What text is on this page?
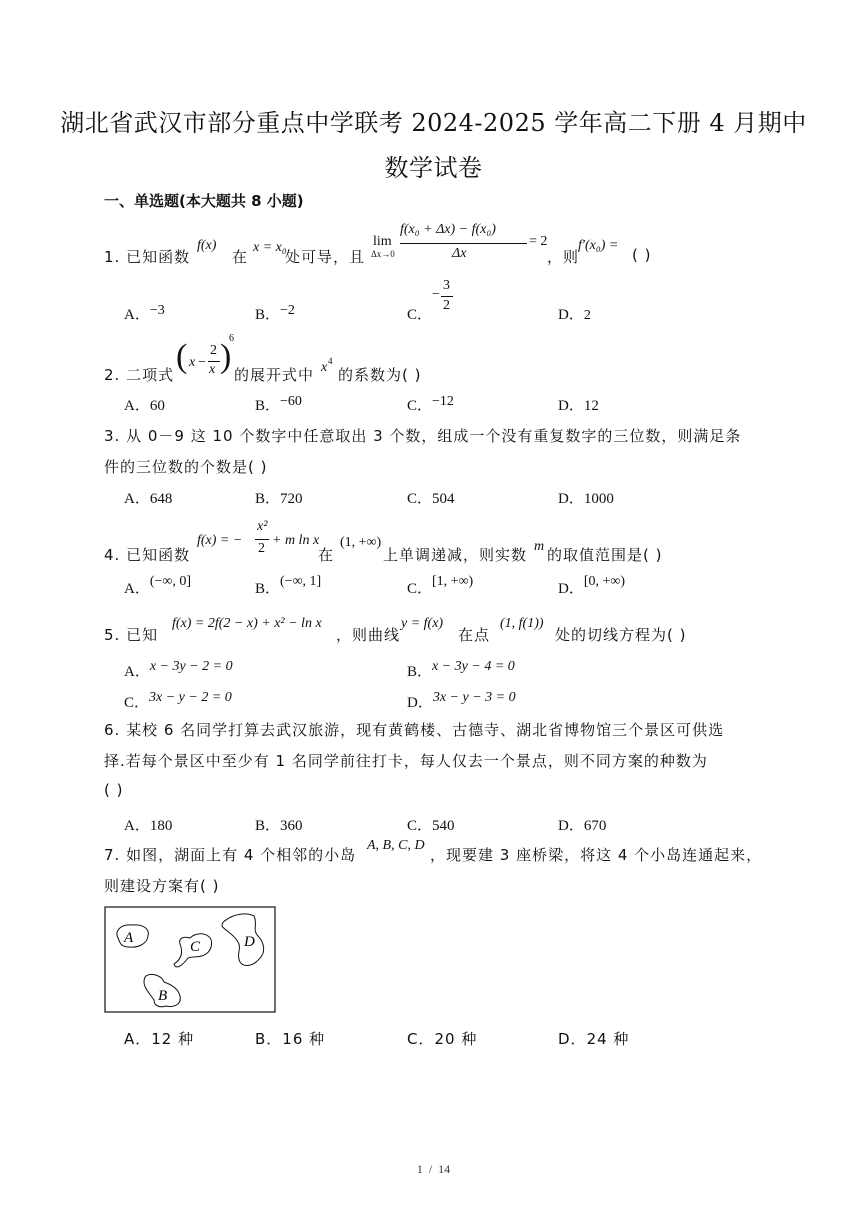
湖北省武汉市部分重点中学联考 2024-2025 学年高二下册 4 月期中
数学试卷
一、单选题(本大题共 8 小题)
1. 已知函数
f(x)
在
x = x₀
处可导，且
lim
Δx→0
f(x₀ + Δx) − f(x₀)
Δx
= 2
，则
f′(x₀) =
( )
A．−3	B．−2	C．
−
3
2
D．2
2. 二项式 ( x −
2
x )
6
的展开式中 x 4
的系数为( )
A．60	B．−60	C．−12	D．12
3. 从 0－9 这 10 个数字中任意取出 3 个数，组成一个没有重复数字的三位数，则满足条
件的三位数的个数是( )
A．648	B．720	C．504	D．1000
4. 已知函数
f(x) = −
x²
2
+ m ln x
在
(1, +∞)
上单调递减，则实数 m 的取值范围是( )
A．(−∞, 0]	B．(−∞, 1]	C．[1, +∞)	D．[0, +∞)
5. 已知
f(x) = 2f(2 − x) + x² − ln x
，则曲线
y = f(x)
在点
(1, f(1))
处的切线方程为( )
A．x − 3y − 2 = 0	B．x − 3y − 4 = 0
C．3x − y − 2 = 0	D．3x − y − 3 = 0
6. 某校 6 名同学打算去武汉旅游，现有黄鹤楼、古德寺、湖北省博物馆三个景区可供选
择.若每个景区中至少有 1 名同学前往打卡，每人仅去一个景点，则不同方案的种数为
( )
A．180	B．360	C．540	D．670
7. 如图，湖面上有 4 个相邻的小岛
A, B, C, D
，现要建 3 座桥梁，将这 4 个小岛连通起来，
则建设方案有( )
A
B
C	D
A．12 种	B．16 种	C．20 种	D．24 种
1  /  14
